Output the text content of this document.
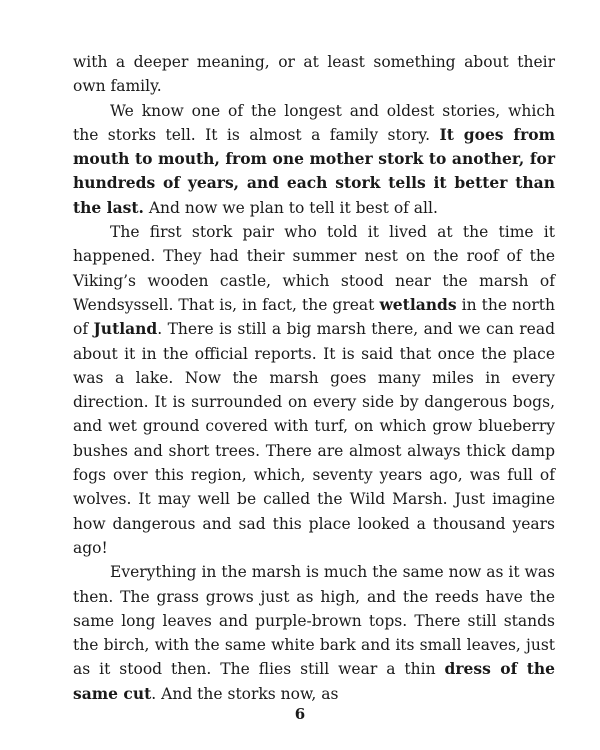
with a deeper meaning, or at least something about their own family.

We know one of the longest and oldest stories, which the storks tell. It is almost a family story. It goes from mouth to mouth, from one mother stork to another, for hundreds of years, and each stork tells it better than the last. And now we plan to tell it best of all.

The first stork pair who told it lived at the time it happened. They had their summer nest on the roof of the Viking’s wooden castle, which stood near the marsh of Wendsyssell. That is, in fact, the great wetlands in the north of Jutland. There is still a big marsh there, and we can read about it in the official reports. It is said that once the place was a lake. Now the marsh goes many miles in every direction. It is surrounded on every side by dangerous bogs, and wet ground covered with turf, on which grow blueberry bushes and short trees. There are almost always thick damp fogs over this region, which, seventy years ago, was full of wolves. It may well be called the Wild Marsh. Just imagine how dangerous and sad this place looked a thousand years ago!

Everything in the marsh is much the same now as it was then. The grass grows just as high, and the reeds have the same long leaves and purple-brown tops. There still stands the birch, with the same white bark and its small leaves, just as it stood then. The flies still wear a thin dress of the same cut. And the storks now, as

6
